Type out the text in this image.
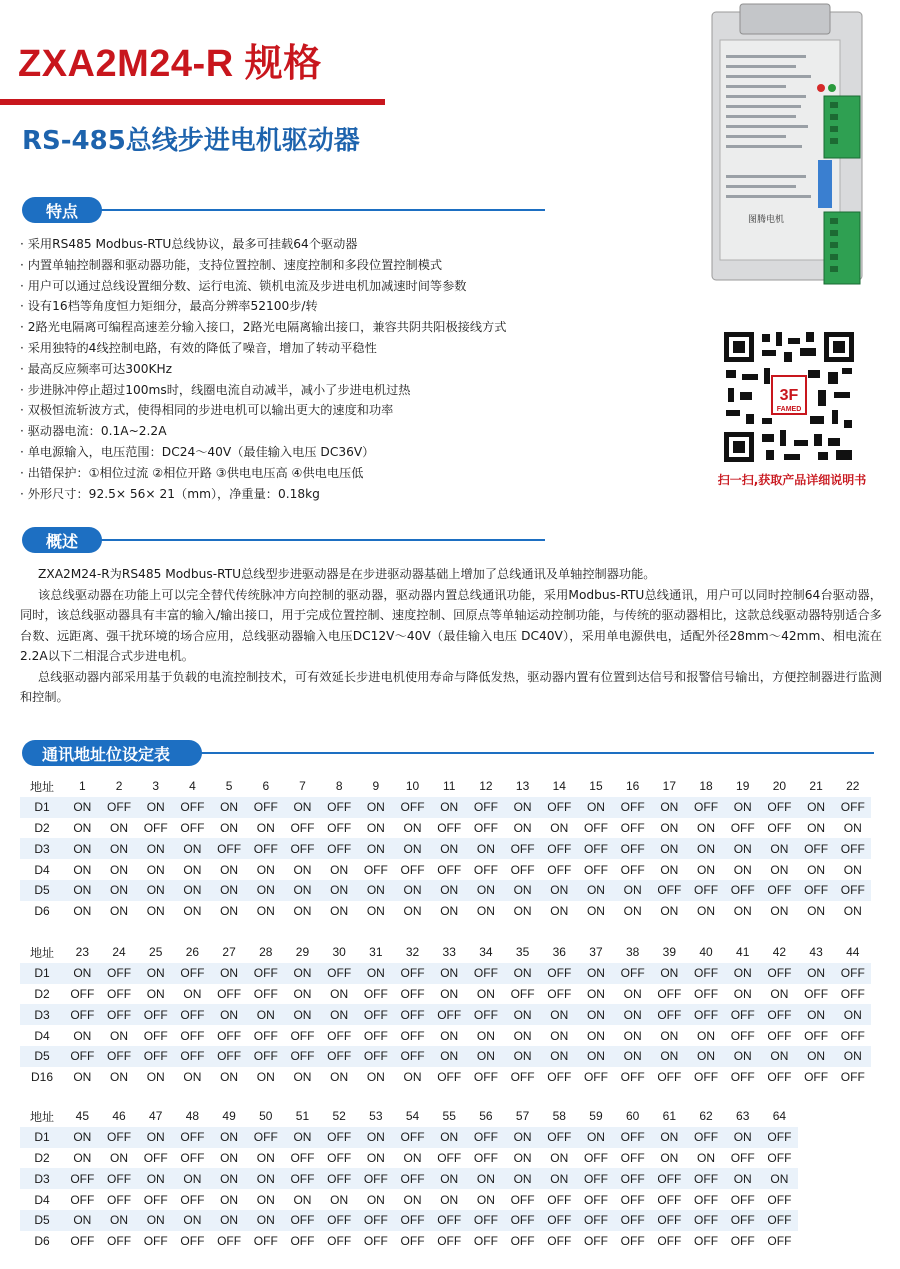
ZXA2M24-R 规格
RS-485总线步进电机驱动器
图腾电机
特点
· 采用RS485 Modbus-RTU总线协议，最多可挂载64个驱动器
· 内置单轴控制器和驱动器功能，支持位置控制、速度控制和多段位置控制模式
· 用户可以通过总线设置细分数、运行电流、锁机电流及步进电机加减速时间等参数
· 设有16档等角度恒力矩细分，最高分辨率52100步/转
· 2路光电隔离可编程高速差分输入接口，2路光电隔离输出接口，兼容共阴共阳极接线方式
· 采用独特的4线控制电路，有效的降低了噪音，增加了转动平稳性
· 最高反应频率可达300KHz
· 步进脉冲停止超过100ms时，线圈电流自动减半，减小了步进电机过热
· 双极恒流斩波方式，使得相同的步进电机可以输出更大的速度和功率
· 驱动器电流：0.1A~2.2A
· 单电源输入，电压范围：DC24～40V（最佳输入电压 DC36V）
· 出错保护：①相位过流 ②相位开路 ③供电电压高 ④供电电压低
· 外形尺寸：92.5× 56× 21（mm），净重量：0.18kg
3F
FAMED
扫一扫,获取产品详细说明书
概述

ZXA2M24-R为RS485 Modbus-RTU总线型步进驱动器是在步进驱动器基础上增加了总线通讯及单轴控制器功能。

该总线驱动器在功能上可以完全替代传统脉冲方向控制的驱动器，驱动器内置总线通讯功能，采用Modbus-RTU总线通讯，用户可以同时控制64台驱动器，同时，该总线驱动器具有丰富的输入/输出接口，用于完成位置控制、速度控制、回原点等单轴运动控制功能，与传统的驱动器相比，这款总线驱动器特别适合多台数、远距离、强干扰环境的场合应用，总线驱动器输入电压DC12V～40V（最佳输入电压 DC40V），采用单电源供电，适配外径28mm～42mm、相电流在2.2A以下二相混合式步进电机。

总线驱动器内部采用基于负载的电流控制技术，可有效延长步进电机使用寿命与降低发热，驱动器内置有位置到达信号和报警信号输出，方便控制器进行监测和控制。

通讯地址位设定表
地址	1	2	3	4	5	6	7	8	9	10	11	12	13	14	15	16	17	18	19	20	21	22
D1	ON	OFF	ON	OFF	ON	OFF	ON	OFF	ON	OFF	ON	OFF	ON	OFF	ON	OFF	ON	OFF	ON	OFF	ON	OFF
D2	ON	ON	OFF	OFF	ON	ON	OFF	OFF	ON	ON	OFF	OFF	ON	ON	OFF	OFF	ON	ON	OFF	OFF	ON	ON
D3	ON	ON	ON	ON	OFF	OFF	OFF	OFF	ON	ON	ON	ON	OFF	OFF	OFF	OFF	ON	ON	ON	ON	OFF	OFF
D4	ON	ON	ON	ON	ON	ON	ON	ON	OFF	OFF	OFF	OFF	OFF	OFF	OFF	OFF	ON	ON	ON	ON	ON	ON
D5	ON	ON	ON	ON	ON	ON	ON	ON	ON	ON	ON	ON	ON	ON	ON	ON	OFF	OFF	OFF	OFF	OFF	OFF
D6	ON	ON	ON	ON	ON	ON	ON	ON	ON	ON	ON	ON	ON	ON	ON	ON	ON	ON	ON	ON	ON	ON
地址	23	24	25	26	27	28	29	30	31	32	33	34	35	36	37	38	39	40	41	42	43	44
D1	ON	OFF	ON	OFF	ON	OFF	ON	OFF	ON	OFF	ON	OFF	ON	OFF	ON	OFF	ON	OFF	ON	OFF	ON	OFF
D2	OFF	OFF	ON	ON	OFF	OFF	ON	ON	OFF	OFF	ON	ON	OFF	OFF	ON	ON	OFF	OFF	ON	ON	OFF	OFF
D3	OFF	OFF	OFF	OFF	ON	ON	ON	ON	OFF	OFF	OFF	OFF	ON	ON	ON	ON	OFF	OFF	OFF	OFF	ON	ON
D4	ON	ON	OFF	OFF	OFF	OFF	OFF	OFF	OFF	OFF	ON	ON	ON	ON	ON	ON	ON	ON	OFF	OFF	OFF	OFF
D5	OFF	OFF	OFF	OFF	OFF	OFF	OFF	OFF	OFF	OFF	ON	ON	ON	ON	ON	ON	ON	ON	ON	ON	ON	ON
D16	ON	ON	ON	ON	ON	ON	ON	ON	ON	ON	OFF	OFF	OFF	OFF	OFF	OFF	OFF	OFF	OFF	OFF	OFF	OFF
地址	45	46	47	48	49	50	51	52	53	54	55	56	57	58	59	60	61	62	63	64
D1	ON	OFF	ON	OFF	ON	OFF	ON	OFF	ON	OFF	ON	OFF	ON	OFF	ON	OFF	ON	OFF	ON	OFF
D2	ON	ON	OFF	OFF	ON	ON	OFF	OFF	ON	ON	OFF	OFF	ON	ON	OFF	OFF	ON	ON	OFF	OFF
D3	OFF	OFF	ON	ON	ON	ON	OFF	OFF	OFF	OFF	ON	ON	ON	ON	OFF	OFF	OFF	OFF	ON	ON
D4	OFF	OFF	OFF	OFF	ON	ON	ON	ON	ON	ON	ON	ON	OFF	OFF	OFF	OFF	OFF	OFF	OFF	OFF
D5	ON	ON	ON	ON	ON	ON	OFF	OFF	OFF	OFF	OFF	OFF	OFF	OFF	OFF	OFF	OFF	OFF	OFF	OFF
D6	OFF	OFF	OFF	OFF	OFF	OFF	OFF	OFF	OFF	OFF	OFF	OFF	OFF	OFF	OFF	OFF	OFF	OFF	OFF	OFF
